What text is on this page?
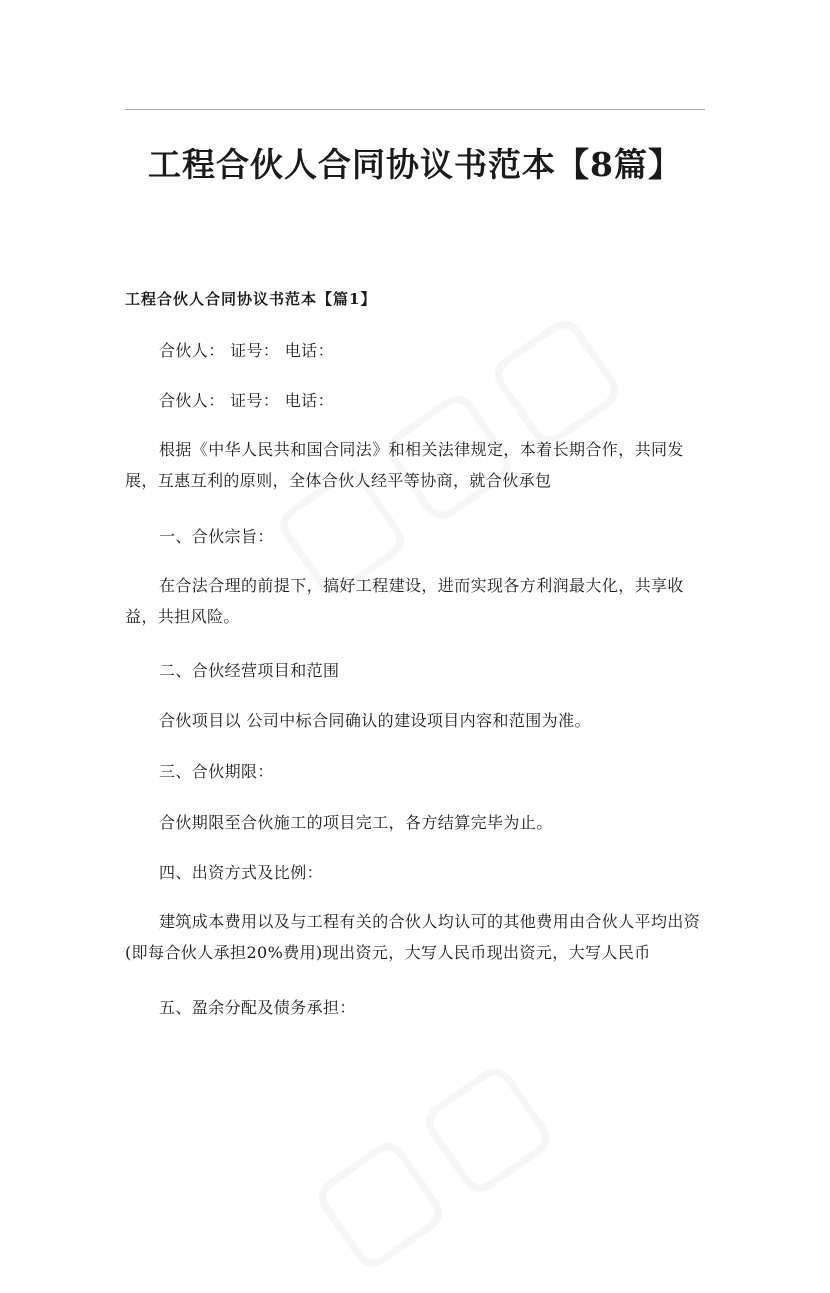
工程合伙人合同协议书范本【8篇】
工程合伙人合同协议书范本【篇1】

合伙人： 证号： 电话：

合伙人： 证号： 电话：

根据《中华人民共和国合同法》和相关法律规定，本着长期合作，共同发展，互惠互利的原则，全体合伙人经平等协商，就合伙承包

一、合伙宗旨：

在合法合理的前提下，搞好工程建设，进而实现各方利润最大化，共享收益，共担风险。

二、合伙经营项目和范围

合伙项目以 公司中标合同确认的建设项目内容和范围为准。

三、合伙期限：

合伙期限至合伙施工的项目完工，各方结算完毕为止。

四、出资方式及比例：

建筑成本费用以及与工程有关的合伙人均认可的其他费用由合伙人平均出资(即每合伙人承担20%费用)现出资元，大写人民币现出资元，大写人民币

五、盈余分配及债务承担：
